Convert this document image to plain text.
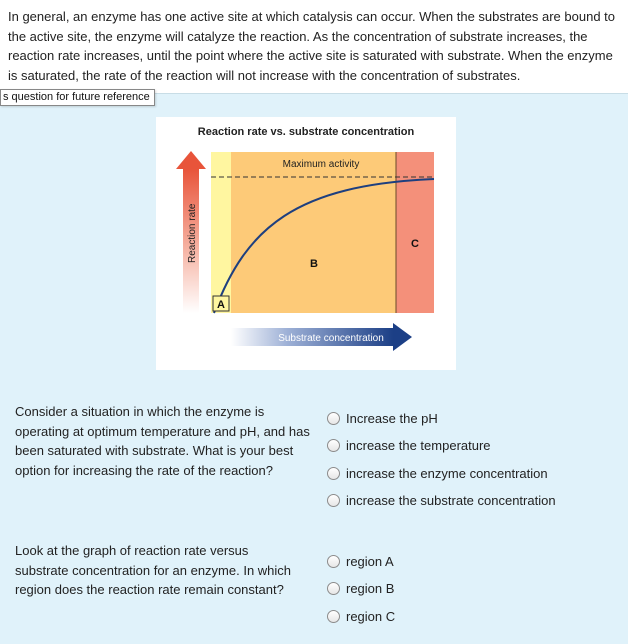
In general, an enzyme has one active site at which catalysis can occur. When the substrates are bound to the active site, the enzyme will catalyze the reaction. As the concentration of substrate increases, the reaction rate increases, until the point where the active site is saturated with substrate. When the enzyme is saturated, the rate of the reaction will not increase with the concentration of substrates.
s question for future reference
Reaction rate vs. substrate concentration
Maximum activity
A
B
C
Reaction rate
Substrate concentration
Consider a situation in which the enzyme is operating at optimum temperature and pH, and has been saturated with substrate. What is your best option for increasing the rate of the reaction?
Increase the pH
increase the temperature
increase the enzyme concentration
increase the substrate concentration
Look at the graph of reaction rate versus substrate concentration for an enzyme. In which region does the reaction rate remain constant?
region A
region B
region C
